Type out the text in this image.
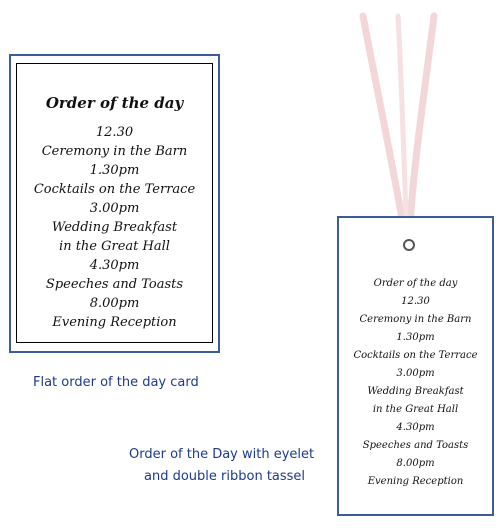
Order of the day
12.30
Ceremony in the Barn
1.30pm
Cocktails on the Terrace
3.00pm
Wedding Breakfast
in the Great Hall
4.30pm
Speeches and Toasts
8.00pm
Evening Reception
Order of the day
12.30
Ceremony in the Barn
1.30pm
Cocktails on the Terrace
3.00pm
Wedding Breakfast
in the Great Hall
4.30pm
Speeches and Toasts
8.00pm
Evening Reception
Flat order of the day card
Order of the Day with eyelet
and double ribbon tassel
